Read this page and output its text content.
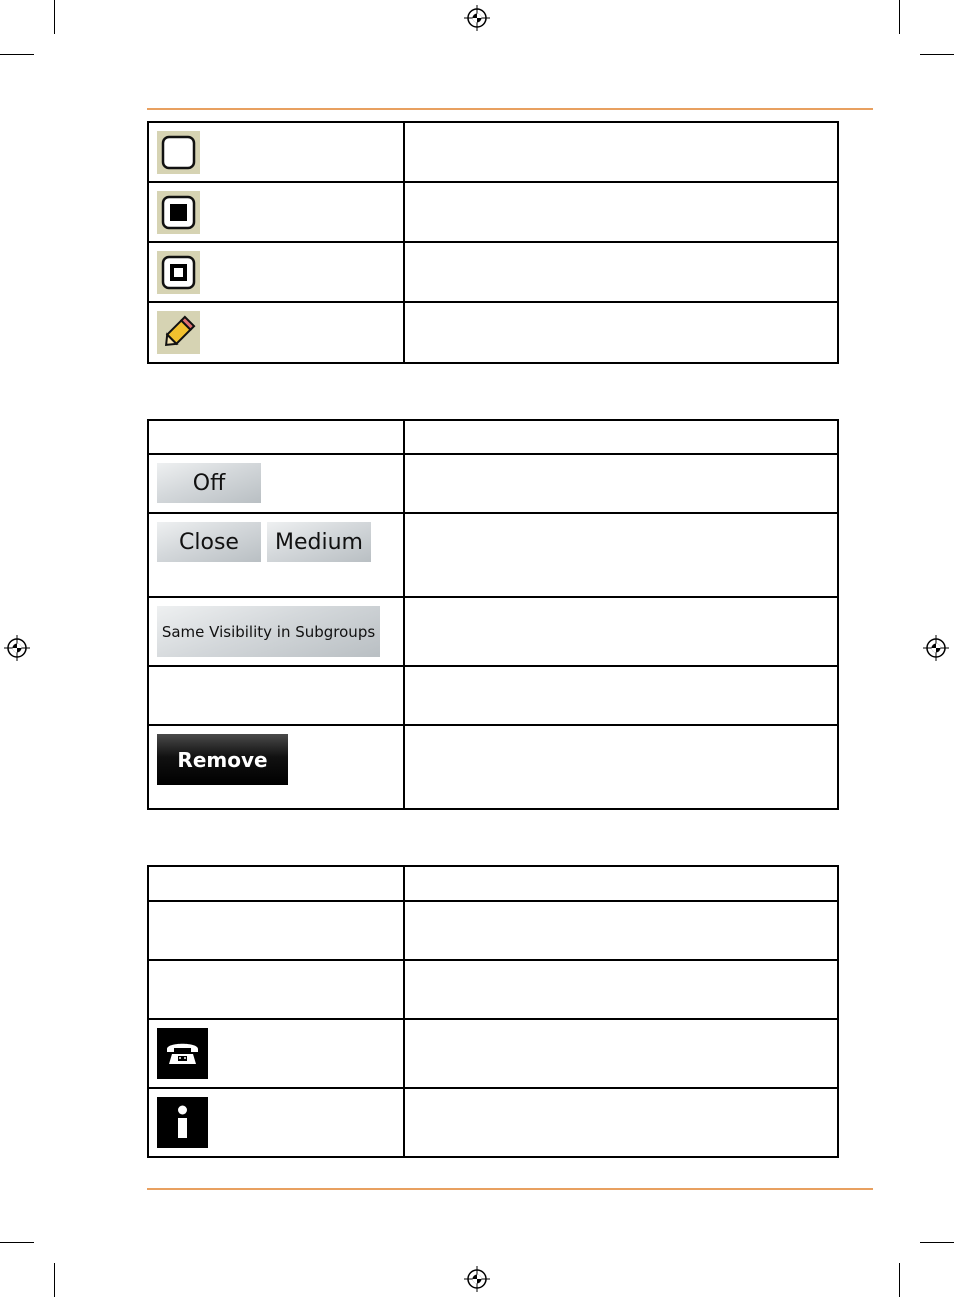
Off	

Close Medium	

Same Visibility in Subgroups	

Remove	
